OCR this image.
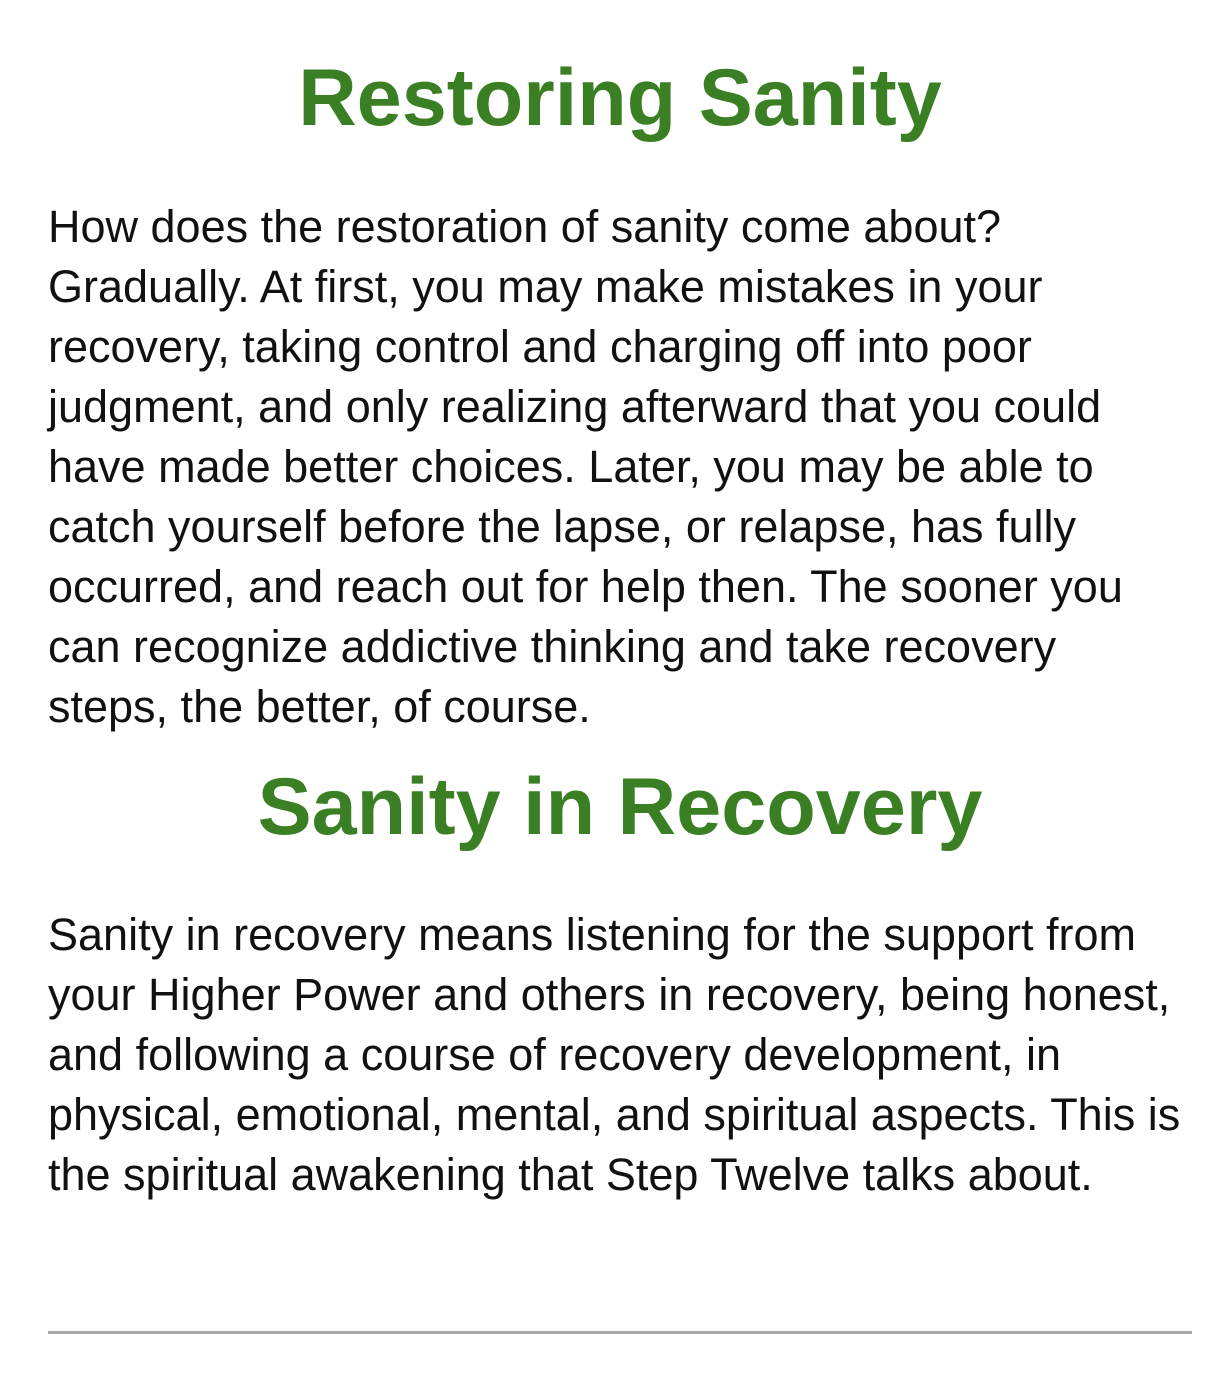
Restoring Sanity

How does the restoration of sanity come about? Gradually. At first, you may make mistakes in your recovery, taking control and charging off into poor judgment, and only realizing afterward that you could have made better choices. Later, you may be able to catch yourself before the lapse, or relapse, has fully occurred, and reach out for help then. The sooner you can recognize addictive thinking and take recovery steps, the better, of course.

Sanity in Recovery

Sanity in recovery means listening for the support from your Higher Power and others in recovery, being honest, and following a course of recovery development, in physical, emotional, mental, and spiritual aspects. This is the spiritual awakening that Step Twelve talks about.
